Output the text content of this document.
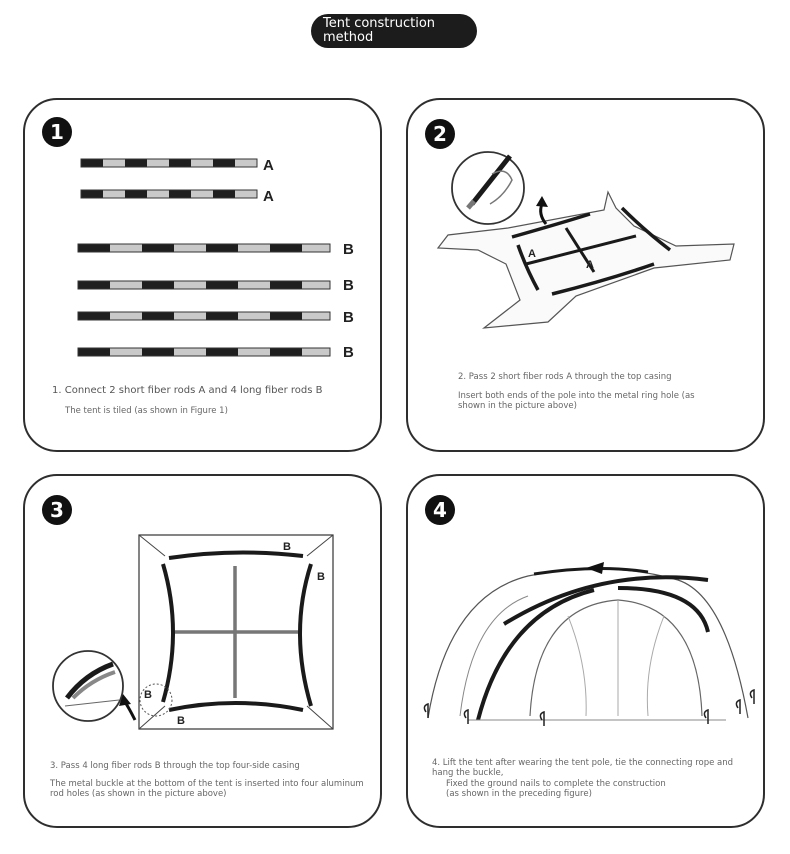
Tent construction method
1
A
A
B
B
B
B
1. Connect 2 short fiber rods A and 4 long fiber rods B
The tent is tiled (as shown in Figure 1)
2
A
A
2. Pass 2 short fiber rods A through the top casing
Insert both ends of the pole into the metal ring hole (as shown in the picture above)
3
B
B
B
B
3. Pass 4 long fiber rods B through the top four-side casing
The metal buckle at the bottom of the tent is inserted into four aluminum rod holes (as shown in the picture above)
4
4. Lift the tent after wearing the tent pole, tie the connecting rope and hang the buckle,
Fixed the ground nails to complete the construction
(as shown in the preceding figure)
